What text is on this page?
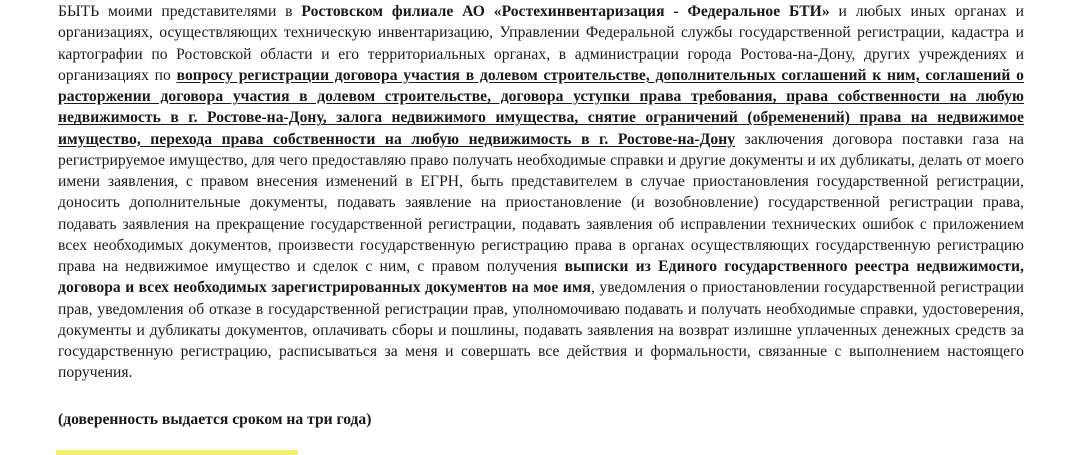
БЫТЬ моими представителями в Ростовском филиале АО «Ростехинвентаризация - Федеральное БТИ» и любых иных органах и организациях, осуществляющих техническую инвентаризацию, Управлении Федеральной службы государственной регистрации, кадастра и картографии по Ростовской области и его территориальных органах, в администрации города Ростова-на-Дону, других учреждениях и организациях по вопросу регистрации договора участия в долевом строительстве, дополнительных соглашений к ним, соглашений о расторжении договора участия в долевом строительстве, договора уступки права требования, права собственности на любую недвижимость в г. Ростове-на-Дону, залога недвижимого имущества, снятие ограничений (обременений) права на недвижимое имущество, перехода права собственности на любую недвижимость в г. Ростове-на-Дону заключения договора поставки газа на регистрируемое имущество, для чего предоставляю право получать необходимые справки и другие документы и их дубликаты, делать от моего имени заявления, с правом внесения изменений в ЕГРН, быть представителем в случае приостановления государственной регистрации, доносить дополнительные документы, подавать заявление на приостановление (и возобновление) государственной регистрации права, подавать заявления на прекращение государственной регистрации, подавать заявления об исправлении технических ошибок с приложением всех необходимых документов, произвести государственную регистрацию права в органах осуществляющих государственную регистрацию права на недвижимое имущество и сделок с ним, с правом получения выписки из Единого государственного реестра недвижимости, договора и всех необходимых зарегистрированных документов на мое имя, уведомления о приостановлении государственной регистрации прав, уведомления об отказе в государственной регистрации прав, уполномочиваю подавать и получать необходимые справки, удостоверения, документы и дубликаты документов, оплачивать сборы и пошлины, подавать заявления на возврат излишне уплаченных денежных средств за государственную регистрацию, расписываться за меня и совершать все действия и формальности, связанные с выполнением настоящего поручения.

(доверенность выдается сроком на три года)
